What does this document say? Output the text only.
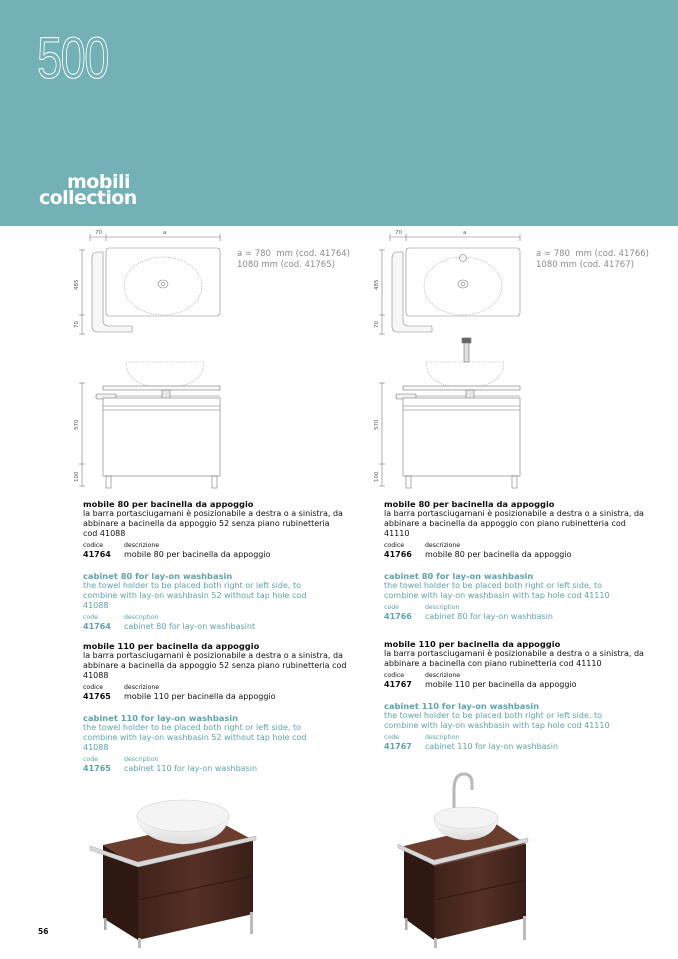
500
mobili
collection
70	a
485
70
570
100
a = 780  mm (cod. 41764)
1080 mm (cod. 41765)
70	a
485
70
570
100
a = 780  mm (cod. 41766)
1080 mm (cod. 41767)
mobile 80 per bacinella da appoggio
la barra portasciugamani è posizionabile a destra o a sinistra, da abbinare a bacinella da appoggio 52 senza piano rubinetteria cod 41088
codice	descrizione
41764	mobile 80 per bacinella da appoggio
cabinet 80 for lay-on washbasin
the towel holder to be placed both right or left side, to combine with lay-on washbasin 52 without tap hole cod 41088
code	description
41764	cabinet 80 for lay-on washbasint
mobile 110 per bacinella da appoggio
la barra portasciugamani è posizionabile a destra o a sinistra, da abbinare a bacinella da appoggio 52 senza piano rubinetteria cod 41088
codice	descrizione
41765	mobile 110 per bacinella da appoggio
cabinet 110 for lay-on washbasin
the towel holder to be placed both right or left side, to combine with lay-on washbasin 52 without tap hole cod 41088
code	description
41765	cabinet 110 for lay-on washbasin
mobile 80 per bacinella da appoggio
la barra portasciugamani è posizionabile a destra o a sinistra, da abbinare a bacinella da appoggio con piano rubinetteria cod 41110
codice	descrizione
41766	mobile 80 per bacinella da appoggio
cabinet 80 for lay-on washbasin
the towel holder to be placed both right or left side, to combine with lay-on washbasin with tap hole cod 41110
code	description
41766	cabinet 80 for lay-on washbasin
mobile 110 per bacinella da appoggio
la barra portasciugamani è posizionabile a destra o a sinistra, da abbinare a bacinella con piano rubinetteria cod 41110
codice	descrizione
41767	mobile 110 per bacinella da appoggio
cabinet 110 for lay-on washbasin
the towel holder to be placed both right or left side, to combine with lay-on washbasin with tap hole cod 41110
code	description
41767	cabinet 110 for lay-on washbasin
56
